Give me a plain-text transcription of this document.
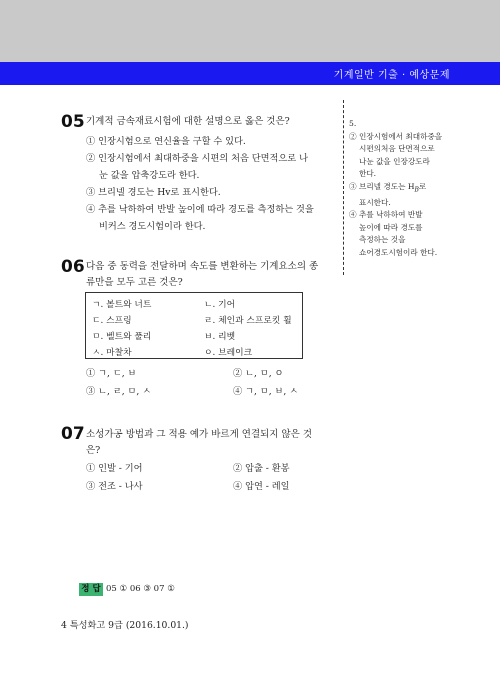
기계일반 기출 · 예상문제
05 기계적 금속재료시험에 대한 설명으로 옳은 것은?
① 인장시험으로 연신율을 구할 수 있다.
② 인장시험에서 최대하중을 시편의 처음 단면적으로 나
눈 값을 압축강도라 한다.
③ 브리넬 경도는 Hv로 표시한다.
④ 추를 낙하하여 반발 높이에 따라 경도를 측정하는 것을
비커스 경도시험이라 한다.
5.
② 인장시험에서 최대하중을
시편의처음 단면적으로
나눈 값을 인장강도라
한다.
③ 브리넬 경도는 $H_B$로
표시한다.
④ 추를 낙하하여 반발
높이에 따라 경도를
측정하는 것을
쇼어경도시험이라 한다.
06 다음 중 동력을 전달하며 속도를 변환하는 기계요소의 종
류만을 모두 고른 것은?
ㄱ. 볼트와 너트	ㄴ. 기어
ㄷ. 스프링	ㄹ. 체인과 스프로킷 휠
ㅁ. 벨트와 풀리	ㅂ. 리벳
ㅅ. 마찰차	ㅇ. 브레이크
① ㄱ, ㄷ, ㅂ	② ㄴ, ㅁ, ㅇ
③ ㄴ, ㄹ, ㅁ, ㅅ	④ ㄱ, ㅁ, ㅂ, ㅅ
07 소성가공 방법과 그 적용 예가 바르게 연결되지 않은 것
은?
① 인발 - 기어	② 압출 - 환봉
③ 전조 - 나사	④ 압연 - 레일
정 답 05 ① 06 ③ 07 ①
4 특성화고 9급 (2016.10.01.)
